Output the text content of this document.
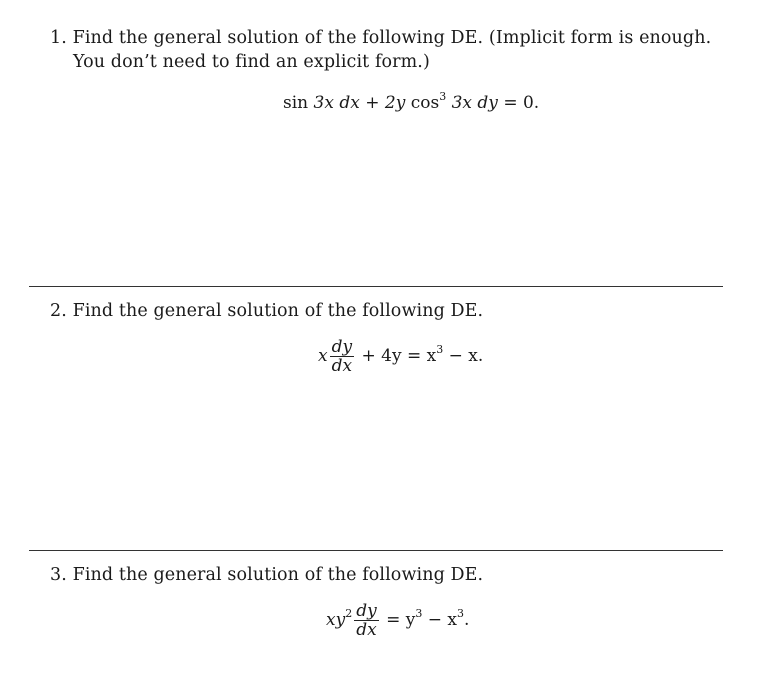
1. Find the general solution of the following DE. (Implicit form is enough. You don’t need to find an explicit form.)
sin 3x dx + 2y $\cos^3 3x$ dy = 0.
2. Find the general solution of the following DE.
x $\frac{dy}{dx} + 4y = x^3 - x$.
3. Find the general solution of the following DE.
$xy^2 \frac{dy}{dx} = y^3 - x^3$.
